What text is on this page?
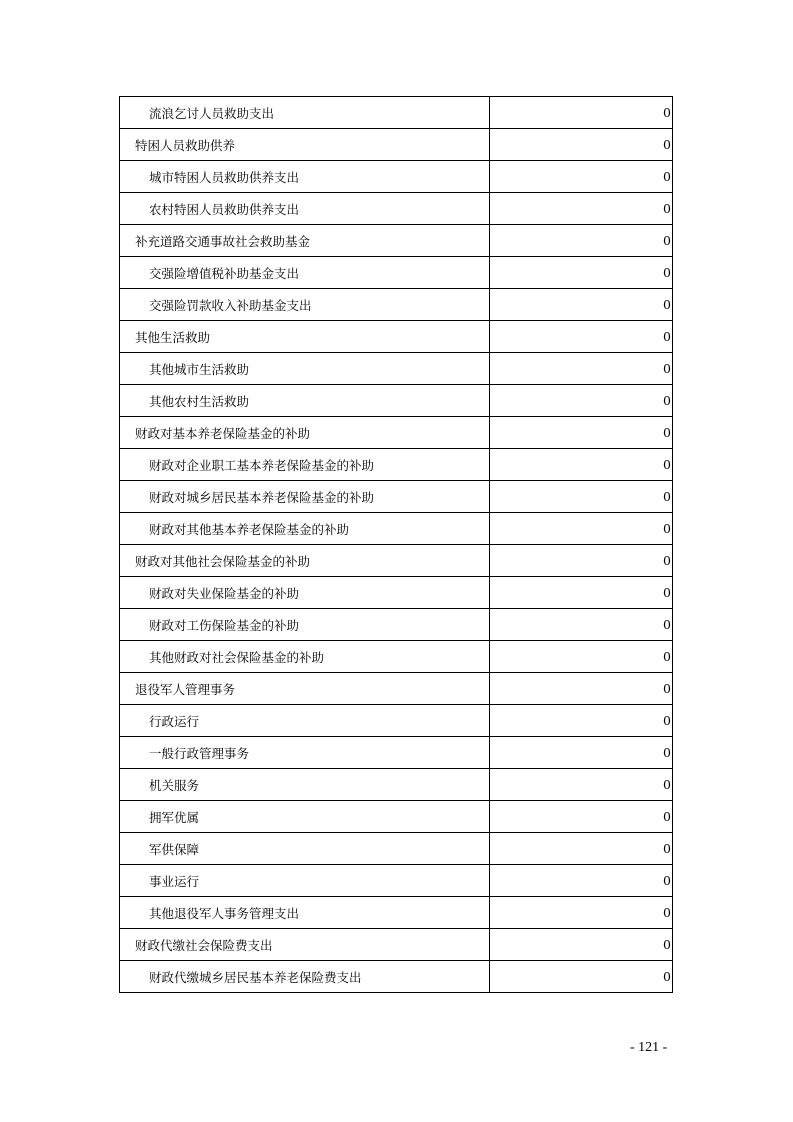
流浪乞讨人员救助支出	0
特困人员救助供养	0
城市特困人员救助供养支出	0
农村特困人员救助供养支出	0
补充道路交通事故社会救助基金	0
交强险增值税补助基金支出	0
交强险罚款收入补助基金支出	0
其他生活救助	0
其他城市生活救助	0
其他农村生活救助	0
财政对基本养老保险基金的补助	0
财政对企业职工基本养老保险基金的补助	0
财政对城乡居民基本养老保险基金的补助	0
财政对其他基本养老保险基金的补助	0
财政对其他社会保险基金的补助	0
财政对失业保险基金的补助	0
财政对工伤保险基金的补助	0
其他财政对社会保险基金的补助	0
退役军人管理事务	0
行政运行	0
一般行政管理事务	0
机关服务	0
拥军优属	0
军供保障	0
事业运行	0
其他退役军人事务管理支出	0
财政代缴社会保险费支出	0
财政代缴城乡居民基本养老保险费支出	0
- 121 -
